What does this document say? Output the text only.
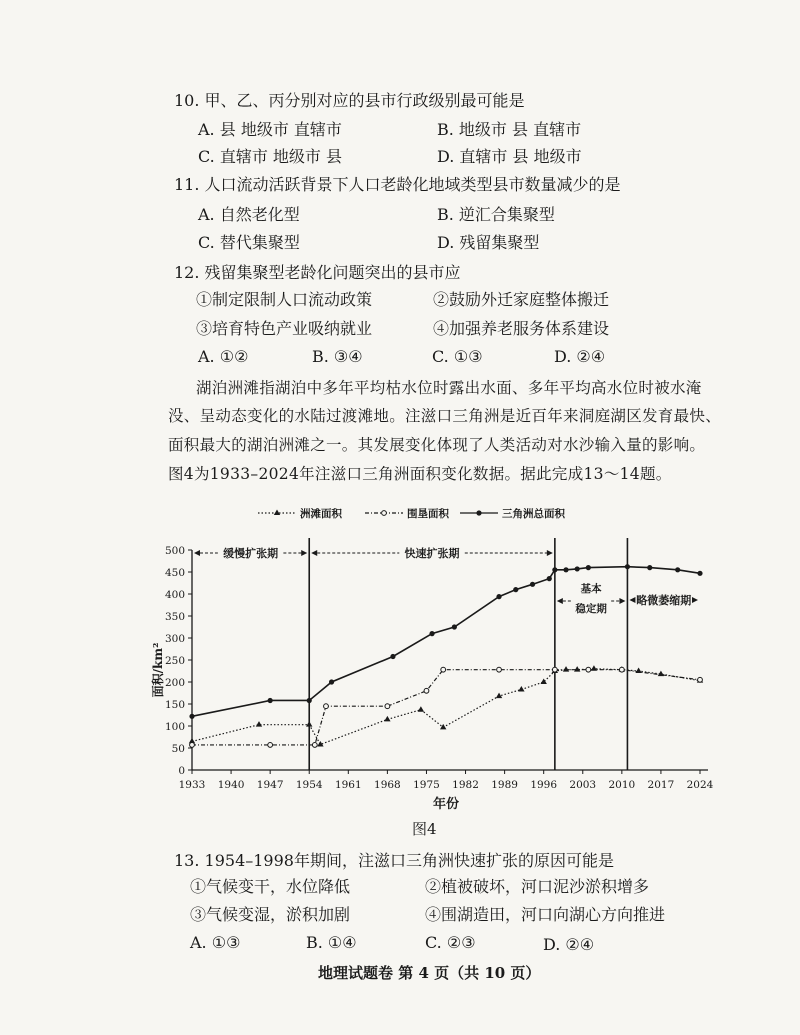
10. 甲、乙、丙分别对应的县市行政级别最可能是
A. 县 地级市 直辖市	B. 地级市 县 直辖市
C. 直辖市 地级市 县	D. 直辖市 县 地级市
11. 人口流动活跃背景下人口老龄化地域类型县市数量减少的是
A. 自然老化型	B. 逆汇合集聚型
C. 替代集聚型	D. 残留集聚型
12. 残留集聚型老龄化问题突出的县市应
①制定限制人口流动政策	②鼓励外迁家庭整体搬迁
③培育特色产业吸纳就业	④加强养老服务体系建设
A. ①②	B. ③④	C. ①③	D. ②④
湖泊洲滩指湖泊中多年平均枯水位时露出水面、多年平均高水位时被水淹
没、呈动态变化的水陆过渡滩地。注滋口三角洲是近百年来洞庭湖区发育最快、
面积最大的湖泊洲滩之一。其发展变化体现了人类活动对水沙输入量的影响。
图4为1933–2024年注滋口三角洲面积变化数据。据此完成13～14题。
0
50
100
150
200
250
300
350
400
450
500
1933 1940 1947 1954 1961 1968 1975 1982 1989 1996 2003 2010 2017 2024
年份
面积/km²
缓慢扩张期	快速扩张期
基本
稳定期
略微萎缩期
洲滩面积	围垦面积	三角洲总面积
图4
13. 1954–1998年期间，注滋口三角洲快速扩张的原因可能是
①气候变干，水位降低	②植被破坏，河口泥沙淤积增多
③气候变湿，淤积加剧	④围湖造田，河口向湖心方向推进
A. ①③	B. ①④	C. ②③	D. ②④
地理试题卷 第 4 页（共 10 页）
